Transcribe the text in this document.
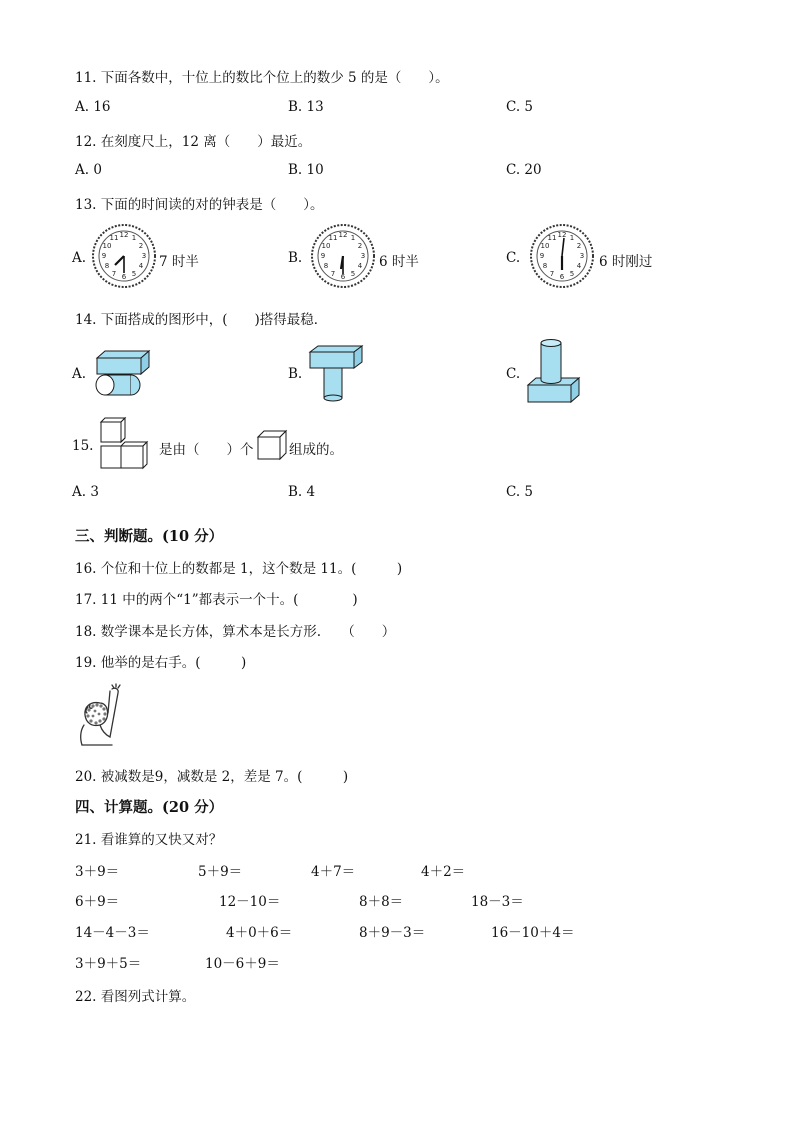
11. 下面各数中，十位上的数比个位上的数少 5 的是（　　）。
A. 16	B. 13	C. 5
12. 在刻度尺上，12 离（　　）最近。
A. 0	B. 10	C. 20
13. 下面的时间读的对的钟表是（　　）。
A.
12 1
2
3
4
5
6
7
8
9
10
11
7 时半	B.
12 1
2
3
4
5
6
7
8
9
10
11
6 时半	C.
12 1
2
3
4
5
6
7
8
9
10
11
6 时刚过
14. 下面搭成的图形中，(　　)搭得最稳．
A.	B.	C.
15.	是由（　　）个	组成的。
A. 3	B. 4	C. 5
三、判断题。(10 分）
16. 个位和十位上的数都是 1，这个数是 11。(　　　)
17. 11 中的两个“1”都表示一个十。(　　　　)
18. 数学课本是长方体，算术本是长方形.　　（　　）
19. 他举的是右手。(　　　)
20. 被减数是9，减数是 2，差是 7。(　　　)
四、计算题。(20 分）
21. 看谁算的又快又对？
3＋9＝	5＋9＝	4＋7＝	4＋2＝
6＋9＝	12－10＝	8＋8＝	18－3＝
14－4－3＝	4＋0＋6＝	8＋9－3＝	16－10＋4＝
3＋9＋5＝	10－6＋9＝
22. 看图列式计算。
